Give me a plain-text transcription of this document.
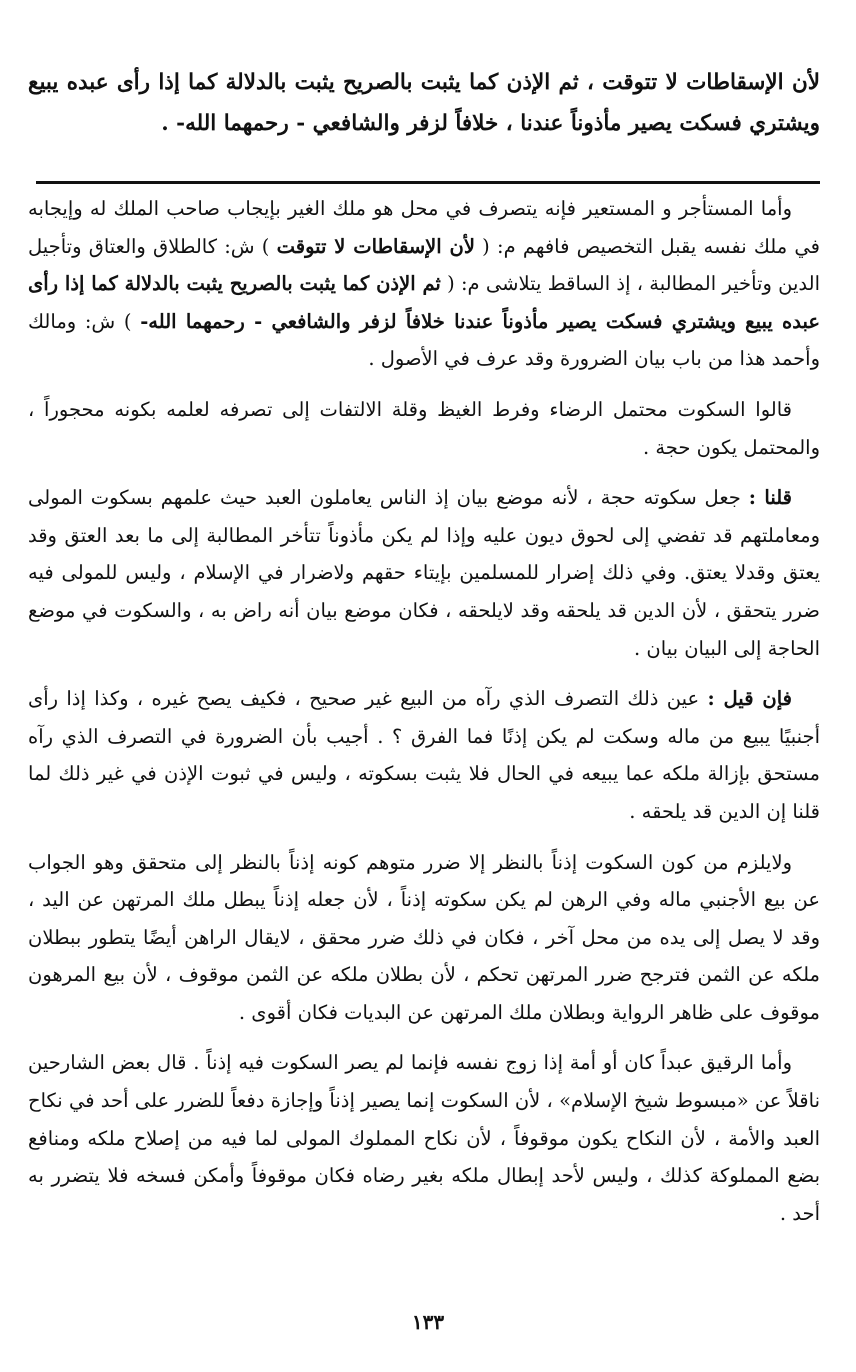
لأن الإسقاطات لا تتوقت ، ثم الإذن كما يثبت بالصريح يثبت بالدلالة كما إذا رأى عبده يبيع ويشتري فسكت يصير مأذوناً عندنا ، خلافاً لزفر والشافعي - رحمهما الله- .

وأما المستأجر و المستعير فإنه يتصرف في محل هو ملك الغير بإيجاب صاحب الملك له وإيجابه في ملك نفسه يقبل التخصيص فافهم م: ( لأن الإسقاطات لا تتوقت ) ش: كالطلاق والعتاق وتأجيل الدين وتأخير المطالبة ، إذ الساقط يتلاشى م: ( ثم الإذن كما يثبت بالصريح يثبت بالدلالة كما إذا رأى عبده يبيع ويشتري فسكت يصير مأذوناً عندنا خلافاً لزفر والشافعي - رحمهما الله- ) ش: ومالك وأحمد هذا من باب بيان الضرورة وقد عرف في الأصول .

قالوا السكوت محتمل الرضاء وفرط الغيظ وقلة الالتفات إلى تصرفه لعلمه بكونه محجوراً ، والمحتمل يكون حجة .

قلنا : جعل سكوته حجة ، لأنه موضع بيان إذ الناس يعاملون العبد حيث علمهم بسكوت المولى ومعاملتهم قد تفضي إلى لحوق ديون عليه وإذا لم يكن مأذوناً تتأخر المطالبة إلى ما بعد العتق وقد يعتق وقدلا يعتق. وفي ذلك إضرار للمسلمين بإيتاء حقهم ولاضرار في الإسلام ، وليس للمولى فيه ضرر يتحقق ، لأن الدين قد يلحقه وقد لايلحقه ، فكان موضع بيان أنه راض به ، والسكوت في موضع الحاجة إلى البيان بيان .

فإن قيل : عين ذلك التصرف الذي رآه من البيع غير صحيح ، فكيف يصح غيره ، وكذا إذا رأى أجنبيًا يبيع من ماله وسكت لم يكن إذنًا فما الفرق ؟ . أجيب بأن الضرورة في التصرف الذي رآه مستحق بإزالة ملكه عما يبيعه في الحال فلا يثبت بسكوته ، وليس في ثبوت الإذن في غير ذلك لما قلنا إن الدين قد يلحقه .

ولايلزم من كون السكوت إذناً بالنظر إلا ضرر متوهم كونه إذناً بالنظر إلى متحقق وهو الجواب عن بيع الأجنبي ماله وفي الرهن لم يكن سكوته إذناً ، لأن جعله إذناً يبطل ملك المرتهن عن اليد ، وقد لا يصل إلى يده من محل آخر ، فكان في ذلك ضرر محقق ، لايقال الراهن أيضًا يتطور ببطلان ملكه عن الثمن فترجح ضرر المرتهن تحكم ، لأن بطلان ملكه عن الثمن موقوف ، لأن بيع المرهون موقوف على ظاهر الرواية وبطلان ملك المرتهن عن البديات فكان أقوى .

وأما الرقيق عبداً كان أو أمة إذا زوج نفسه فإنما لم يصر السكوت فيه إذناً . قال بعض الشارحين ناقلاً عن «مبسوط شيخ الإسلام» ، لأن السكوت إنما يصير إذناً وإجازة دفعاً للضرر على أحد في نكاح العبد والأمة ، لأن النكاح يكون موقوفاً ، لأن نكاح المملوك المولى لما فيه من إصلاح ملكه ومنافع بضع المملوكة كذلك ، وليس لأحد إبطال ملكه بغير رضاه فكان موقوفاً وأمكن فسخه فلا يتضرر به أحد .

١٣٣
